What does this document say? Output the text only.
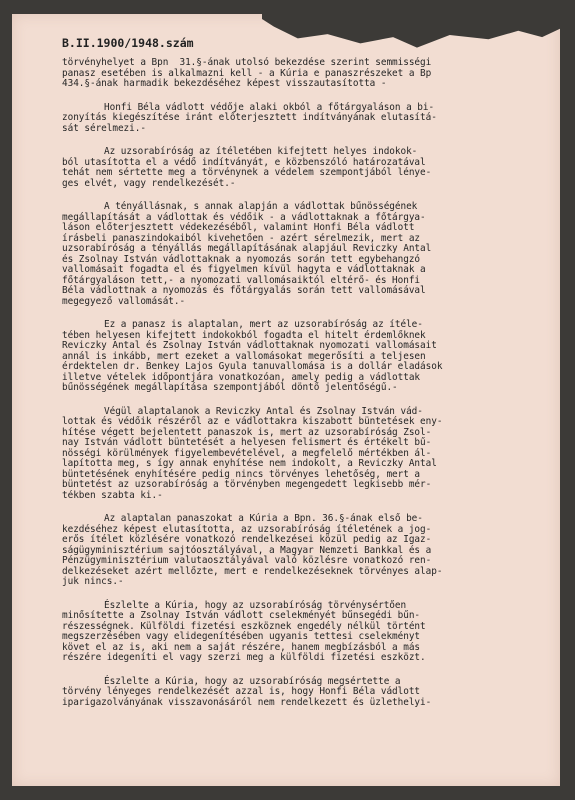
B.II.1900/1948.szám
törvényhelyet a Bpn  31.§-ának utolsó bekezdése szerint semmisségi
panasz esetében is alkalmazni kell - a Kúria e panaszrészeket a Bp
434.§-ának harmadik bekezdéséhez képest visszautasította -
Honfi Béla vádlott védője alaki okból a főtárgyaláson a bi-
zonyítás kiegészítése iránt előterjesztett indítványának elutasítá-
sát sérelmezi.-
Az uzsorabíróság az ítéletében kifejtett helyes indokok-
ból utasította el a védő indítványát, e közbenszóló határozatával
tehát nem sértette meg a törvénynek a védelem szempontjából lénye-
ges elvét, vagy rendelkezését.-
A tényállásnak, s annak alapján a vádlottak bűnösségének
megállapítását a vádlottak és védőik - a vádlottaknak a főtárgya-
láson előterjesztett védekezéséből, valamint Honfi Béla vádlott
írásbeli panaszindokaiból kivehetően - azért sérelmezik, mert az
uzsorabíróság a tényállás megállapításának alapjául Reviczky Antal
és Zsolnay István vádlottaknak a nyomozás során tett egybehangzó
vallomásait fogadta el és figyelmen kívül hagyta e vádlottaknak a
főtárgyaláson tett,- a nyomozati vallomásaiktól eltérő- és Honfi
Béla vádlottnak a nyomozás és főtárgyalás során tett vallomásával
megegyező vallomását.-
Ez a panasz is alaptalan, mert az uzsorabíróság az ítéle-
tében helyesen kifejtett indokokból fogadta el hitelt érdemlőknek
Reviczky Antal és Zsolnay István vádlottaknak nyomozati vallomásait
annál is inkább, mert ezeket a vallomásokat megerősíti a teljesen
érdektelen dr. Benkey Lajos Gyula tanuvallomása is a dollár eladások
illetve vételek időpontjára vonatkozóan, amely pedig a vádlottak
bűnösségének megállapítása szempontjából döntő jelentőségű.-
Végül alaptalanok a Reviczky Antal és Zsolnay István vád-
lottak és védőik részéről az e vádlottakra kiszabott büntetések eny-
hítése végett bejelentett panaszok is, mert az uzsorabíróság Zsol-
nay István vádlott büntetését a helyesen felismert és értékelt bű-
nösségi körülmények figyelembevételével, a megfelelő mértékben ál-
lapította meg, s így annak enyhítése nem indokolt, a Reviczky Antal
büntetésének enyhítésére pedig nincs törvényes lehetőség, mert a
büntetést az uzsorabíróság a törvényben megengedett legkisebb mér-
tékben szabta ki.-
Az alaptalan panaszokat a Kúria a Bpn. 36.§-ának első be-
kezdéséhez képest elutasította, az uzsorabíróság ítéletének a jog-
erős ítélet közlésére vonatkozó rendelkezései közül pedig az Igaz-
ságügyminisztérium sajtóosztályával, a Magyar Nemzeti Bankkal és a
Pénzügyminisztérium valutaosztályával való közlésre vonatkozó ren-
delkezéseket azért mellőzte, mert e rendelkezéseknek törvényes alap-
juk nincs.-
Észlelte a Kúria, hogy az uzsorabíróság törvénysértően
minősítette a Zsolnay István vádlott cselekményét bűnsegédi bűn-
részességnek. Külföldi fizetési eszköznek engedély nélkül történt
megszerzésében vagy elidegenítésében ugyanis tettesi cselekményt
követ el az is, aki nem a saját részére, hanem megbízásból a más
részére idegeníti el vagy szerzi meg a külföldi fizetési eszközt.
Észlelte a Kúria, hogy az uzsorabíróság megsértette a
törvény lényeges rendelkezését azzal is, hogy Honfi Béla vádlott
iparigazolványának visszavonásáról nem rendelkezett és üzlethelyi-
